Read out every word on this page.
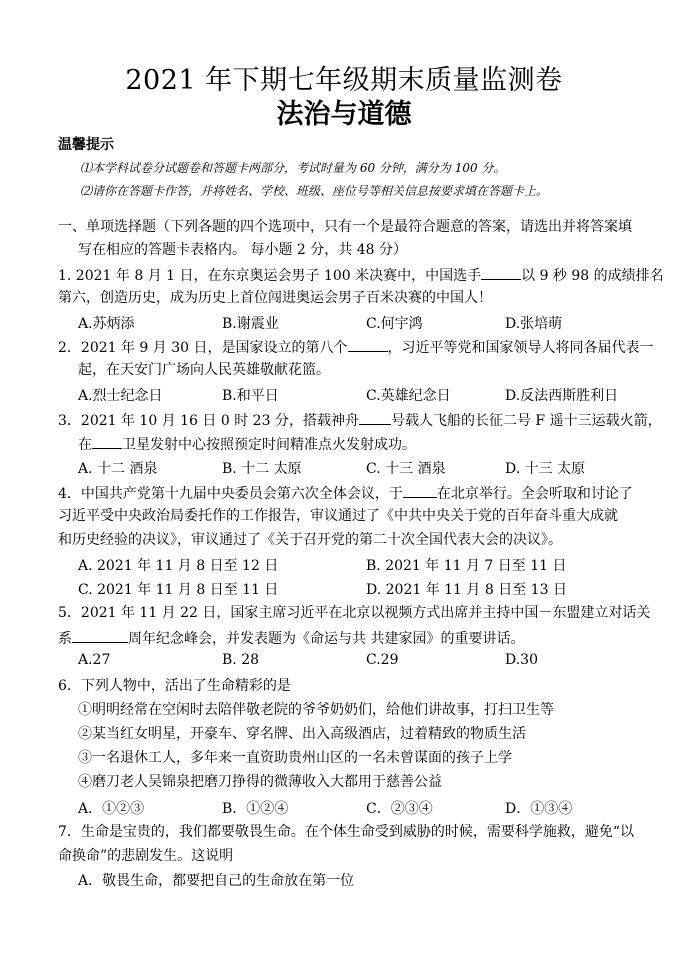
2021 年下期七年级期末质量监测卷
法治与道德
温馨提示
⑴本学科试卷分试题卷和答题卡两部分，考试时量为 60 分钟，满分为 100 分。
⑵请你在答题卡作答，并将姓名、学校、班级、座位号等相关信息按要求填在答题卡上。
一、单项选择题（下列各题的四个选项中，只有一个是最符合题意的答案，请选出并将答案填
写在相应的答题卡表格内。 每小题 2 分，共 48 分）
1. 2021 年 8 月 1 日，在东京奥运会男子 100 米决赛中，中国选手	以 9 秒 98 的成绩排名
第六，创造历史，成为历史上首位闯进奥运会男子百米决赛的中国人！
A.苏炳添	B.谢震业	C.何宇鸿	D.张培萌
2．2021 年 9 月 30 日，是国家设立的第八个	，习近平等党和国家领导人将同各届代表一
起，在天安门广场向人民英雄敬献花篮。
A.烈士纪念日	B.和平日	C.英雄纪念日	D.反法西斯胜利日
3．2021 年 10 月 16 日 0 时 23 分，搭载神舟 号载人飞船的长征二号 F 遥十三运载火箭，
在 卫星发射中心按照预定时间精准点火发射成功。
A. 十二 酒泉	B. 十二 太原	C. 十三 酒泉	D. 十三 太原
4．中国共产党第十九届中央委员会第六次全体会议，于 在北京举行。全会听取和讨论了
习近平受中央政治局委托作的工作报告，审议通过了《中共中央关于党的百年奋斗重大成就
和历史经验的决议》，审议通过了《关于召开党的第二十次全国代表大会的决议》。
A. 2021 年 11 月 8 日至 12 日	B. 2021 年 11 月 7 日至 11 日
C. 2021 年 11 月 8 日至 11 日	D. 2021 年 11 月 8 日至 13 日
5．2021 年 11 月 22 日，国家主席习近平在北京以视频方式出席并主持中国－东盟建立对话关
系	周年纪念峰会，并发表题为《命运与共 共建家园》的重要讲话。
A.27	B. 28	C.29	D.30
6．下列人物中，活出了生命精彩的是
①明明经常在空闲时去陪伴敬老院的爷爷奶奶们，给他们讲故事，打扫卫生等
②某当红女明星，开豪车、穿名牌、出入高级酒店，过着精致的物质生活
③一名退休工人，多年来一直资助贵州山区的一名未曾谋面的孩子上学
④磨刀老人吴锦泉把磨刀挣得的微薄收入大都用于慈善公益
A．①②③	B．①②④	C．②③④	D．①③④
7．生命是宝贵的，我们都要敬畏生命。在个体生命受到威胁的时候，需要科学施救，避免“以
命换命”的悲剧发生。这说明
A．敬畏生命，都要把自己的生命放在第一位
